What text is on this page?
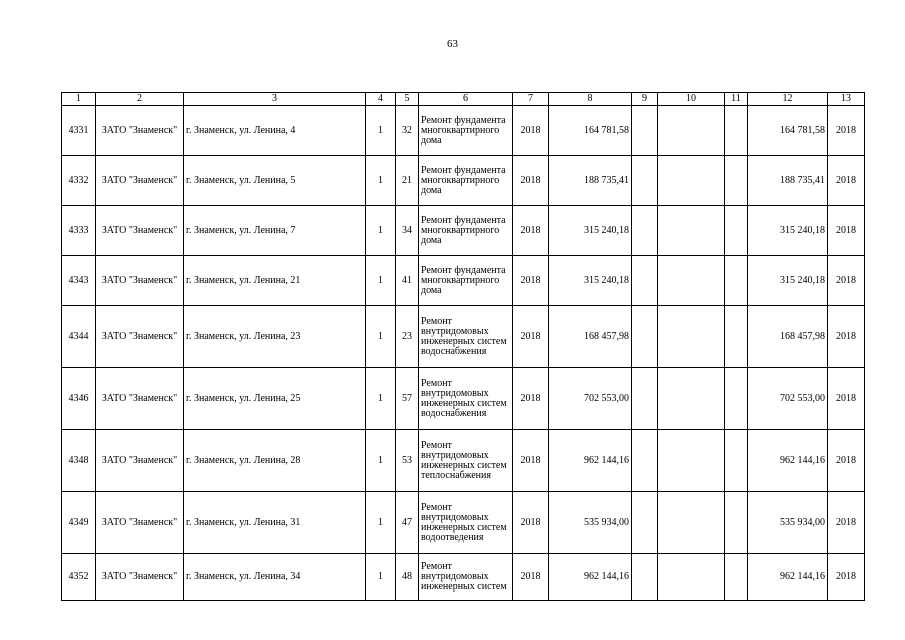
63
1	2	3	4	5	6	7	8	9	10	11	12	13
4331	ЗАТО "Знаменск"	г. Знаменск, ул. Ленина, 4	1	32	Ремонт фундамента многоквартирного дома	2018	164 781,58				164 781,58	2018
4332	ЗАТО "Знаменск"	г. Знаменск, ул. Ленина, 5	1	21	Ремонт фундамента многоквартирного дома	2018	188 735,41				188 735,41	2018
4333	ЗАТО "Знаменск"	г. Знаменск, ул. Ленина, 7	1	34	Ремонт фундамента многоквартирного дома	2018	315 240,18				315 240,18	2018
4343	ЗАТО "Знаменск"	г. Знаменск, ул. Ленина, 21	1	41	Ремонт фундамента многоквартирного дома	2018	315 240,18				315 240,18	2018
4344	ЗАТО "Знаменск"	г. Знаменск, ул. Ленина, 23	1	23	Ремонт внутридомовых инженерных систем водоснабжения	2018	168 457,98				168 457,98	2018
4346	ЗАТО "Знаменск"	г. Знаменск, ул. Ленина, 25	1	57	Ремонт внутридомовых инженерных систем водоснабжения	2018	702 553,00				702 553,00	2018
4348	ЗАТО "Знаменск"	г. Знаменск, ул. Ленина, 28	1	53	Ремонт внутридомовых инженерных систем теплоснабжения	2018	962 144,16				962 144,16	2018
4349	ЗАТО "Знаменск"	г. Знаменск, ул. Ленина, 31	1	47	Ремонт внутридомовых инженерных систем водоотведения	2018	535 934,00				535 934,00	2018
4352	ЗАТО "Знаменск"	г. Знаменск, ул. Ленина, 34	1	48	Ремонт внутридомовых инженерных систем	2018	962 144,16				962 144,16	2018
